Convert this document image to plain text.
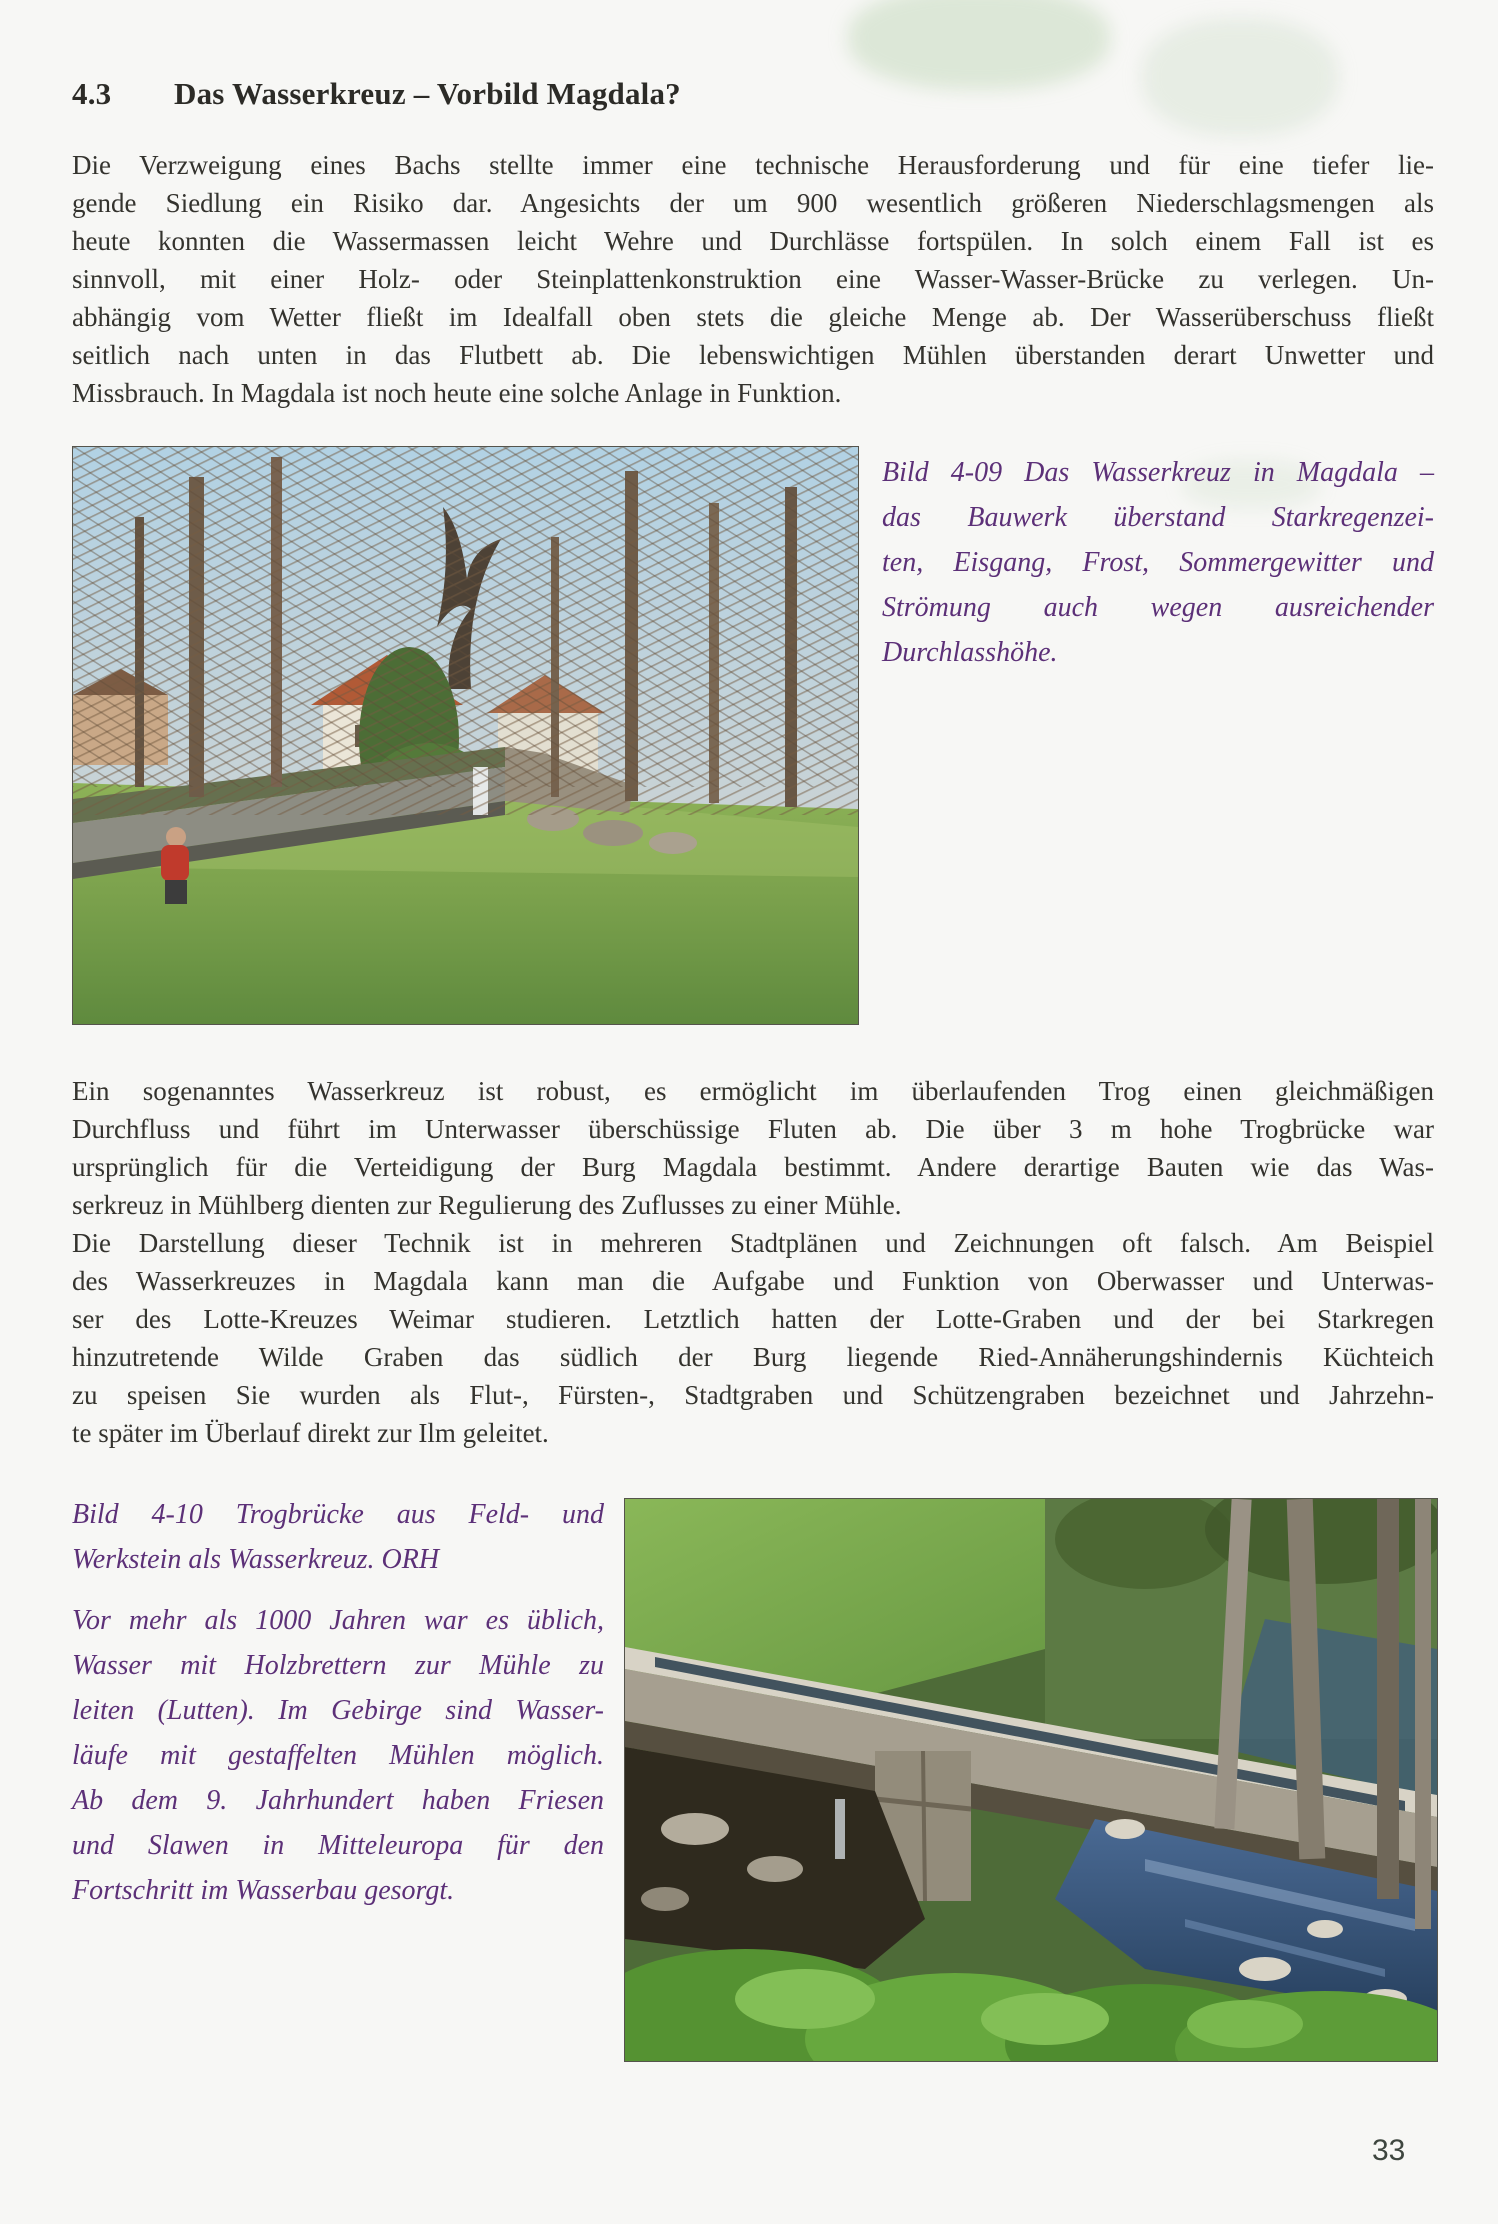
4.3 Das Wasserkreuz – Vorbild Magdala?
Die Verzweigung eines Bachs stellte immer eine technische Herausforderung und für eine tiefer lie-
gende Siedlung ein Risiko dar. Angesichts der um 900 wesentlich größeren Niederschlagsmengen als
heute konnten die Wassermassen leicht Wehre und Durchlässe fortspülen. In solch einem Fall ist es
sinnvoll, mit einer Holz- oder Steinplattenkonstruktion eine Wasser-Wasser-Brücke zu verlegen. Un-
abhängig vom Wetter fließt im Idealfall oben stets die gleiche Menge ab. Der Wasserüberschuss fließt
seitlich nach unten in das Flutbett ab. Die lebenswichtigen Mühlen überstanden derart Unwetter und
Missbrauch. In Magdala ist noch heute eine solche Anlage in Funktion.
Bild 4-09 Das Wasserkreuz in Magdala –
das Bauwerk überstand Starkregenzei-
ten, Eisgang, Frost, Sommergewitter und
Strömung auch wegen ausreichender
Durchlasshöhe.
Ein sogenanntes Wasserkreuz ist robust, es ermöglicht im überlaufenden Trog einen gleichmäßigen
Durchfluss und führt im Unterwasser überschüssige Fluten ab. Die über 3 m hohe Trogbrücke war
ursprünglich für die Verteidigung der Burg Magdala bestimmt. Andere derartige Bauten wie das Was-
serkreuz in Mühlberg dienten zur Regulierung des Zuflusses zu einer Mühle.
Die Darstellung dieser Technik ist in mehreren Stadtplänen und Zeichnungen oft falsch. Am Beispiel
des Wasserkreuzes in Magdala kann man die Aufgabe und Funktion von Oberwasser und Unterwas-
ser des Lotte-Kreuzes Weimar studieren. Letztlich hatten der Lotte-Graben und der bei Starkregen
hinzutretende Wilde Graben das südlich der Burg liegende Ried-Annäherungshindernis Küchteich
zu speisen Sie wurden als Flut-, Fürsten-, Stadtgraben und Schützengraben bezeichnet und Jahrzehn-
te später im Überlauf direkt zur Ilm geleitet.
Bild 4-10 Trogbrücke aus Feld- und
Werkstein als Wasserkreuz. ORH
Vor mehr als 1000 Jahren war es üblich,
Wasser mit Holzbrettern zur Mühle zu
leiten (Lutten). Im Gebirge sind Wasser-
läufe mit gestaffelten Mühlen möglich.
Ab dem 9. Jahrhundert haben Friesen
und Slawen in Mitteleuropa für den
Fortschritt im Wasserbau gesorgt.
33
